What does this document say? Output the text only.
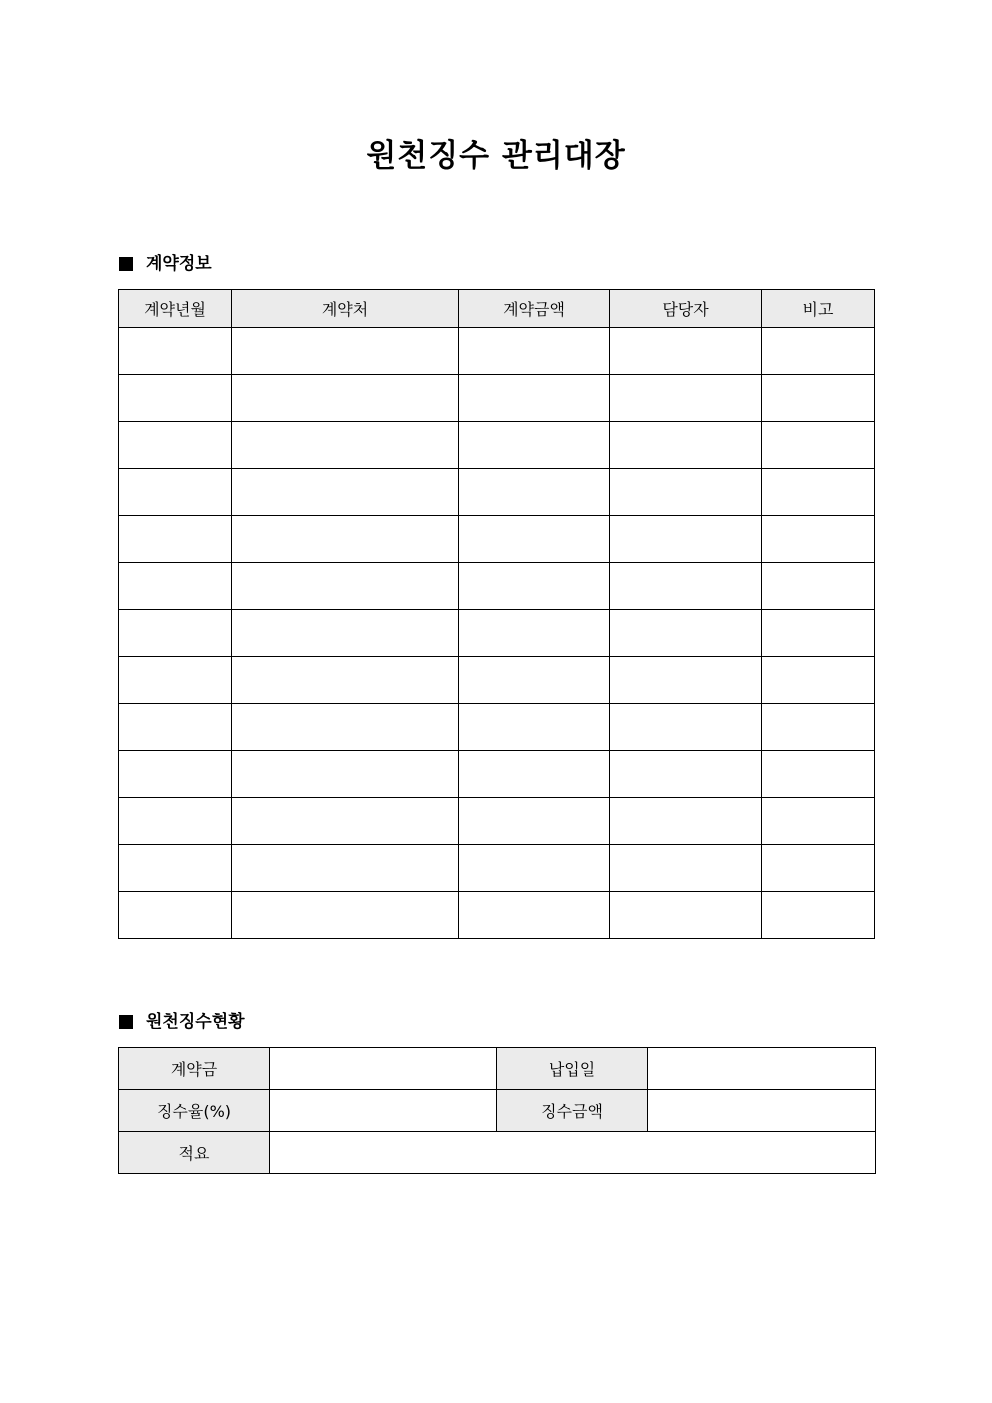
원천징수 관리대장
계약정보
계약년월	계약처	계약금액	담당자	비고

원천징수현황
계약금		납입일	
징수율(%)		징수금액	
적요			
